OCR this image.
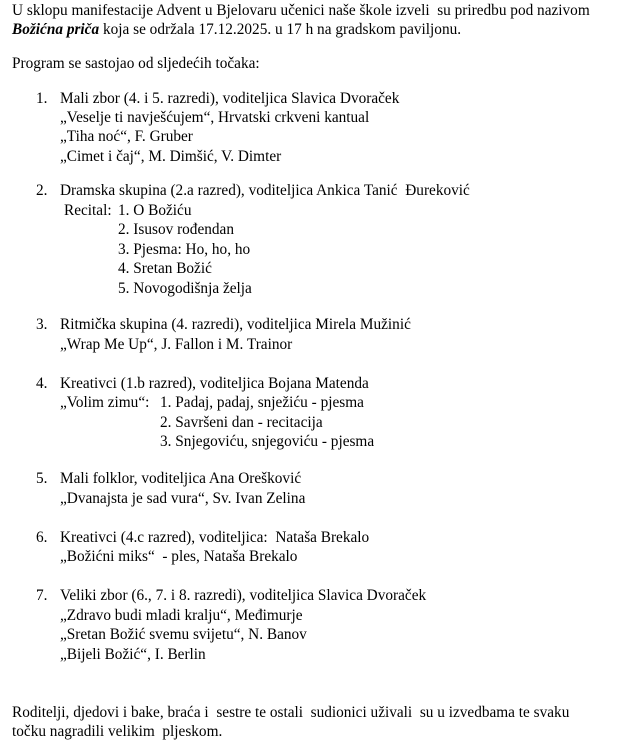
U sklopu manifestacije Advent u Bjelovaru učenici naše škole izveli  su priredbu pod nazivom
Božićna priča koja se održala 17.12.2025. u 17 h na gradskom paviljonu.
Program se sastojao od sljedećih točaka:
1. Mali zbor (4. i 5. razredi), voditeljica Slavica Dvoraček
„Veselje ti navješćujem“, Hrvatski crkveni kantual
„Tiha noć“, F. Gruber
„Cimet i čaj“, M. Dimšić, V. Dimter
2. Dramska skupina (2.a razred), voditeljica Ankica Tanić  Đureković
Recital: 1. O Božiću
2. Isusov rođendan
3. Pjesma: Ho, ho, ho
4. Sretan Božić
5. Novogodišnja želja
3. Ritmička skupina (4. razredi), voditeljica Mirela Mužinić
„Wrap Me Up“, J. Fallon i M. Trainor
4. Kreativci (1.b razred), voditeljica Bojana Matenda
„Volim zimu“: 1. Padaj, padaj, snježiću - pjesma
2. Savršeni dan - recitacija
3. Snjegoviću, snjegoviću - pjesma
5. Mali folklor, voditeljica Ana Orešković
„Dvanajsta je sad vura“, Sv. Ivan Zelina
6. Kreativci (4.c razred), voditeljica:  Nataša Brekalo
„Božićni miks“  - ples, Nataša Brekalo
7. Veliki zbor (6., 7. i 8. razredi), voditeljica Slavica Dvoraček
„Zdravo budi mladi kralju“, Međimurje
„Sretan Božić svemu svijetu“, N. Banov
„Bijeli Božić“, I. Berlin
Roditelji, djedovi i bake, braća i  sestre te ostali  sudionici uživali  su u izvedbama te svaku
točku nagradili velikim  pljeskom.
